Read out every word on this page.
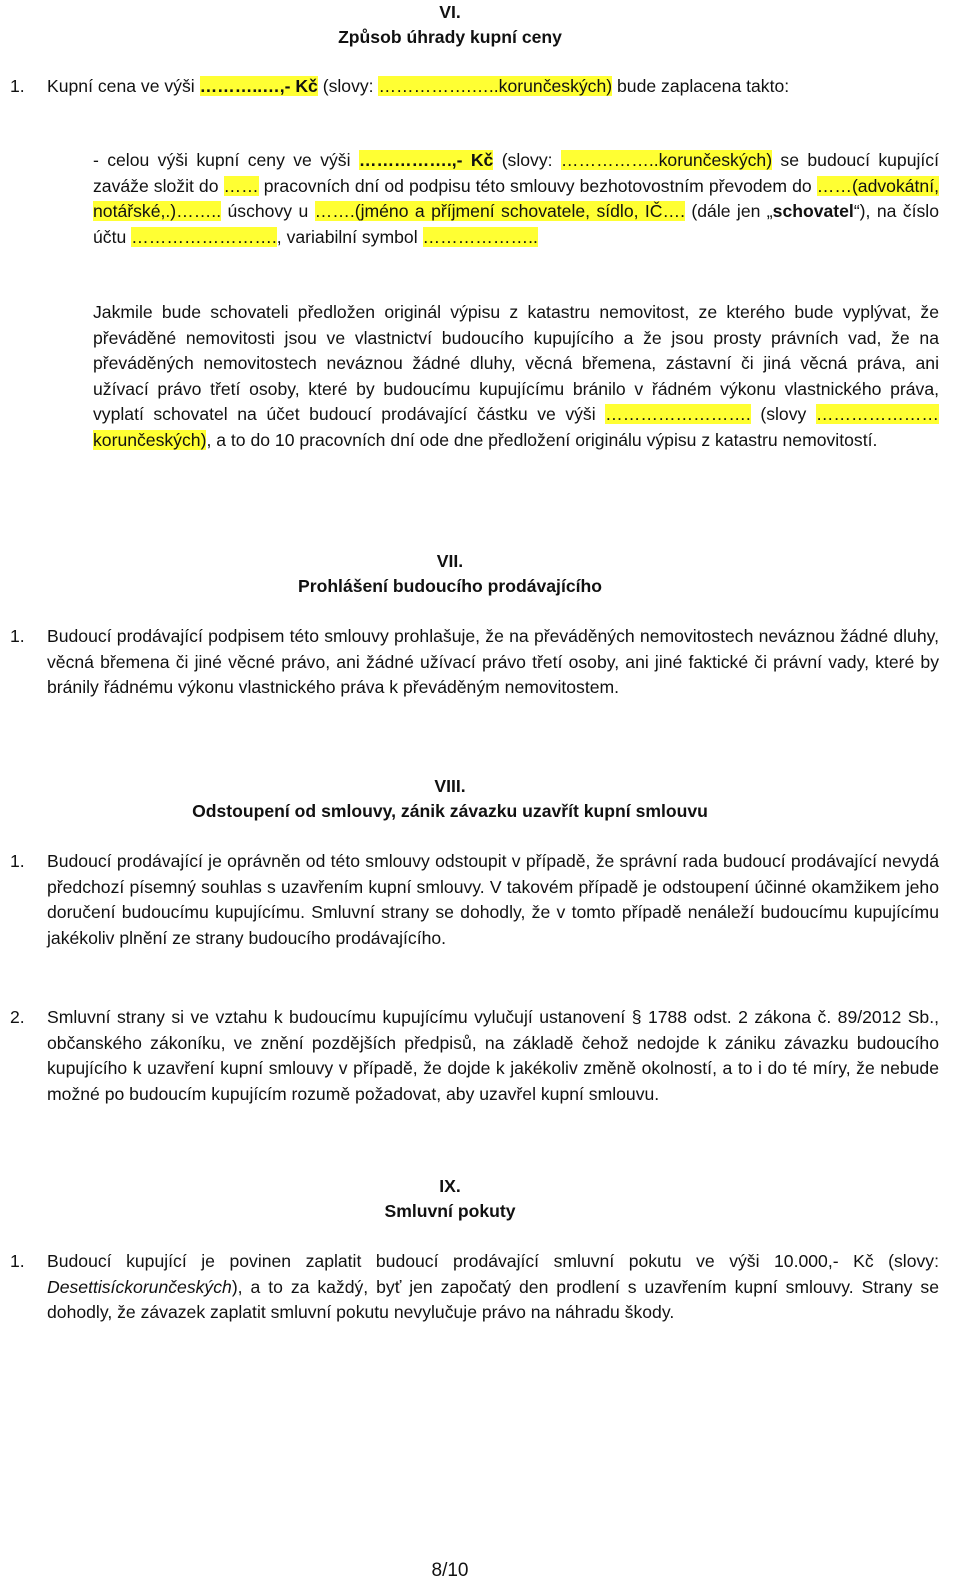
VI.
Způsob úhrady kupní ceny
1. Kupní cena ve výši ………..…,- Kč (slovy: …………….…..korunčeských) bude zaplacena takto:
- celou výši kupní ceny ve výši …………….,- Kč (slovy: ……………..korunčeských) se budoucí kupující zaváže složit do …… pracovních dní od podpisu této smlouvy bezhotovostním převodem do ……(advokátní, notářské,.)…….. úschovy u …….(jméno a příjmení schovatele, sídlo, IČ…. (dále jen „schovatel“), na číslo účtu ……………………., variabilní symbol ………………..
Jakmile bude schovateli předložen originál výpisu z katastru nemovitost, ze kterého bude vyplývat, že převáděné nemovitosti jsou ve vlastnictví budoucího kupujícího a že jsou prosty právních vad, že na převáděných nemovitostech neváznou žádné dluhy, věcná břemena, zástavní či jiná věcná práva, ani užívací právo třetí osoby, které by budoucímu kupujícímu bránilo v řádném výkonu vlastnického práva, vyplatí schovatel na účet budoucí prodávající částku ve výši ……………………. (slovy …………………korunčeských), a to do 10 pracovních dní ode dne předložení originálu výpisu z katastru nemovitostí.
VII.
Prohlášení budoucího prodávajícího
1. Budoucí prodávající podpisem této smlouvy prohlašuje, že na převáděných nemovitostech neváznou žádné dluhy, věcná břemena či jiné věcné právo, ani žádné užívací právo třetí osoby, ani jiné faktické či právní vady, které by bránily řádnému výkonu vlastnického práva k převáděným nemovitostem.
VIII.
Odstoupení od smlouvy, zánik závazku uzavřít kupní smlouvu
1. Budoucí prodávající je oprávněn od této smlouvy odstoupit v případě, že správní rada budoucí prodávající nevydá předchozí písemný souhlas s uzavřením kupní smlouvy. V takovém případě je odstoupení účinné okamžikem jeho doručení budoucímu kupujícímu. Smluvní strany se dohodly, že v tomto případě nenáleží budoucímu kupujícímu jakékoliv plnění ze strany budoucího prodávajícího.
2. Smluvní strany si ve vztahu k budoucímu kupujícímu vylučují ustanovení § 1788 odst. 2 zákona č. 89/2012 Sb., občanského zákoníku, ve znění pozdějších předpisů, na základě čehož nedojde k zániku závazku budoucího kupujícího k uzavření kupní smlouvy v případě, že dojde k jakékoliv změně okolností, a to i do té míry, že nebude možné po budoucím kupujícím rozumě požadovat, aby uzavřel kupní smlouvu.
IX.
Smluvní pokuty
1. Budoucí kupující je povinen zaplatit budoucí prodávající smluvní pokutu ve výši 10.000,- Kč (slovy: Desettisíckorunčeských), a to za každý, byť jen započatý den prodlení s uzavřením kupní smlouvy. Strany se dohodly, že závazek zaplatit smluvní pokutu nevylučuje právo na náhradu škody.
8/10
